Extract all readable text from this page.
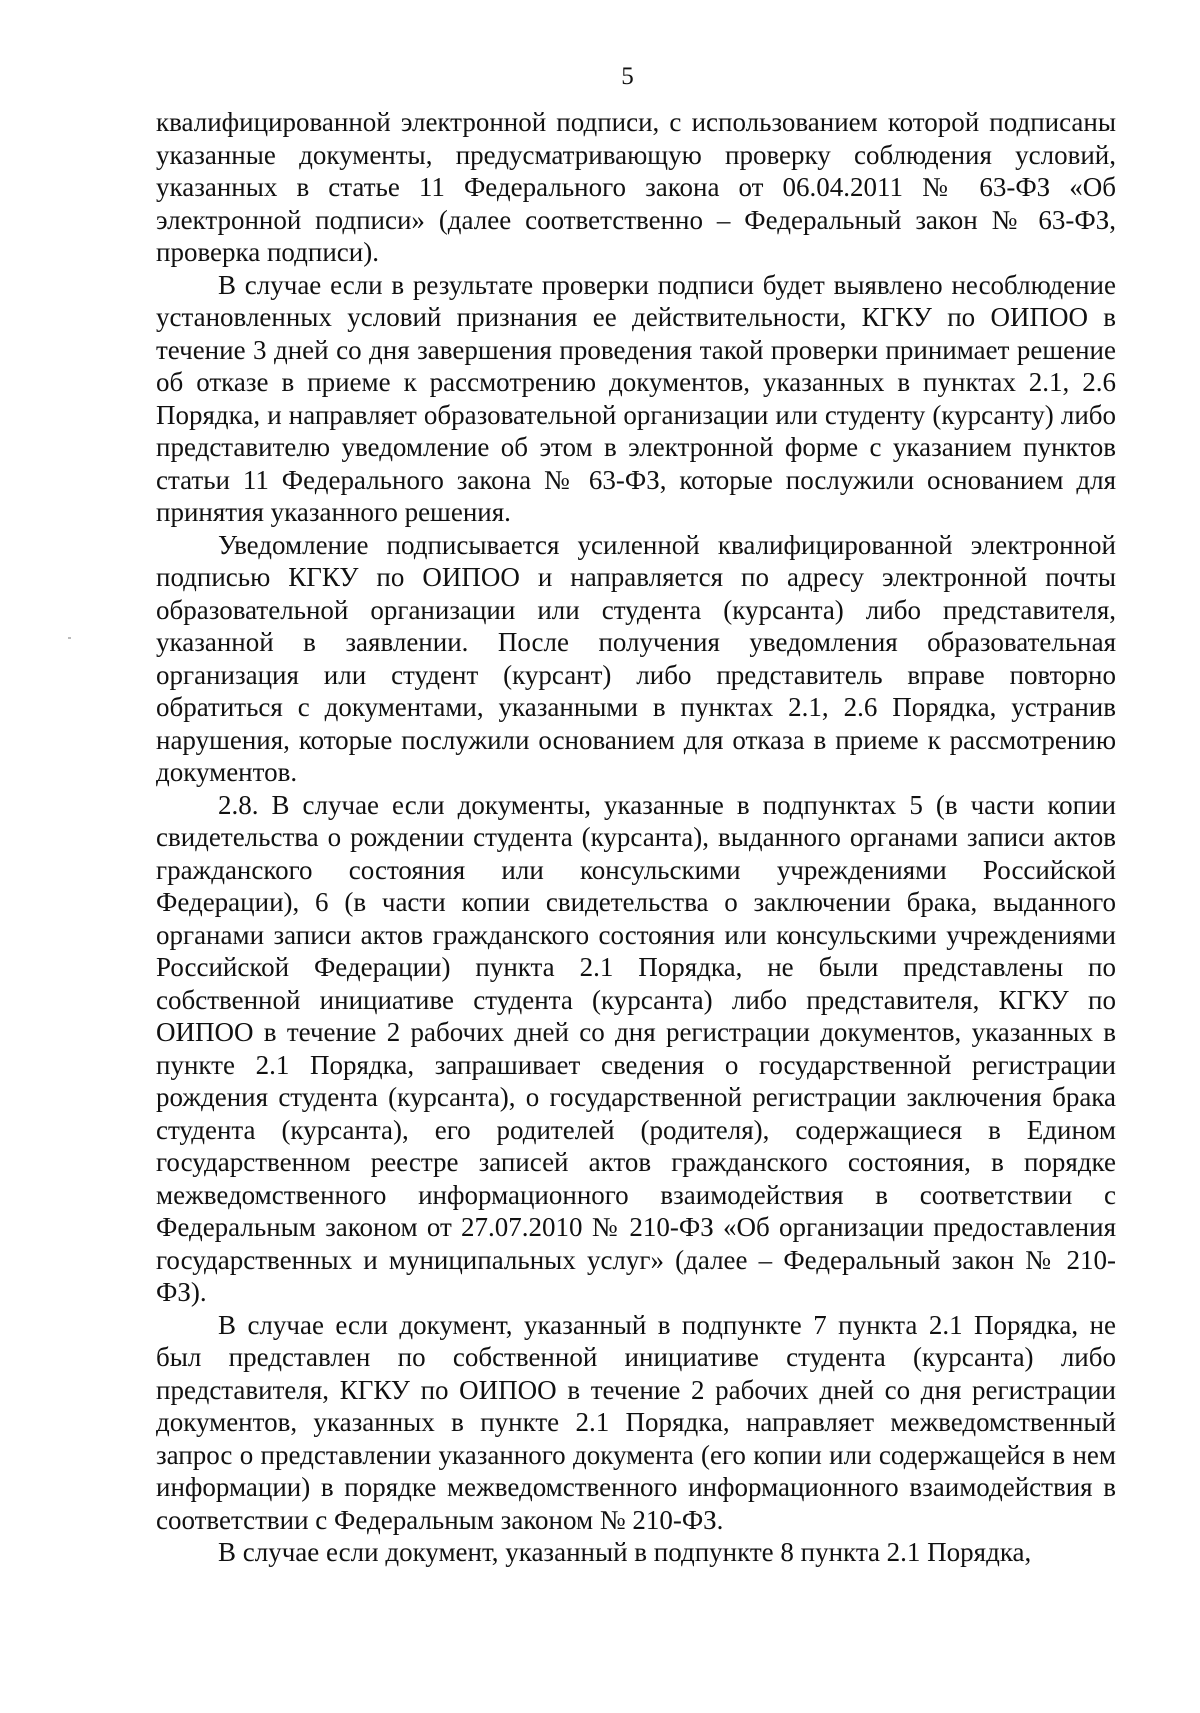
5

квалифицированной электронной подписи, с использованием которой подписаны указанные документы, предусматривающую проверку соблюдения условий, указанных в статье 11 Федерального закона от 06.04.2011 № 63-ФЗ «Об электронной подписи» (далее соответственно – Федеральный закон № 63-ФЗ, проверка подписи).

В случае если в результате проверки подписи будет выявлено несоблюдение установленных условий признания ее действительности, КГКУ по ОИПОО в течение 3 дней со дня завершения проведения такой проверки принимает решение об отказе в приеме к рассмотрению документов, указанных в пунктах 2.1, 2.6 Порядка, и направляет образовательной организации или студенту (курсанту) либо представителю уведомление об этом в электронной форме с указанием пунктов статьи 11 Федерального закона № 63-ФЗ, которые послужили основанием для принятия указанного решения.

Уведомление подписывается усиленной квалифицированной электронной подписью КГКУ по ОИПОО и направляется по адресу электронной почты образовательной организации или студента (курсанта) либо представителя, указанной в заявлении. После получения уведомления образовательная организация или студент (курсант) либо представитель вправе повторно обратиться с документами, указанными в пунктах 2.1, 2.6 Порядка, устранив нарушения, которые послужили основанием для отказа в приеме к рассмотрению документов.

2.8. В случае если документы, указанные в подпунктах 5 (в части копии свидетельства о рождении студента (курсанта), выданного органами записи актов гражданского состояния или консульскими учреждениями Российской Федерации), 6 (в части копии свидетельства о заключении брака, выданного органами записи актов гражданского состояния или консульскими учреждениями Российской Федерации) пункта 2.1 Порядка, не были представлены по собственной инициативе студента (курсанта) либо представителя, КГКУ по ОИПОО в течение 2 рабочих дней со дня регистрации документов, указанных в пункте 2.1 Порядка, запрашивает сведения о государственной регистрации рождения студента (курсанта), о государственной регистрации заключения брака студента (курсанта), его родителей (родителя), содержащиеся в Едином государственном реестре записей актов гражданского состояния, в порядке межведомственного информационного взаимодействия в соответствии с Федеральным законом от 27.07.2010 № 210-ФЗ «Об организации предоставления государственных и муниципальных услуг» (далее – Федеральный закон № 210-ФЗ).

В случае если документ, указанный в подпункте 7 пункта 2.1 Порядка, не был представлен по собственной инициативе студента (курсанта) либо представителя, КГКУ по ОИПОО в течение 2 рабочих дней со дня регистрации документов, указанных в пункте 2.1 Порядка, направляет межведомственный запрос о представлении указанного документа (его копии или содержащейся в нем информации) в порядке межведомственного информационного взаимодействия в соответствии с Федеральным законом № 210-ФЗ.

В случае если документ, указанный в подпункте 8 пункта 2.1 Порядка,
